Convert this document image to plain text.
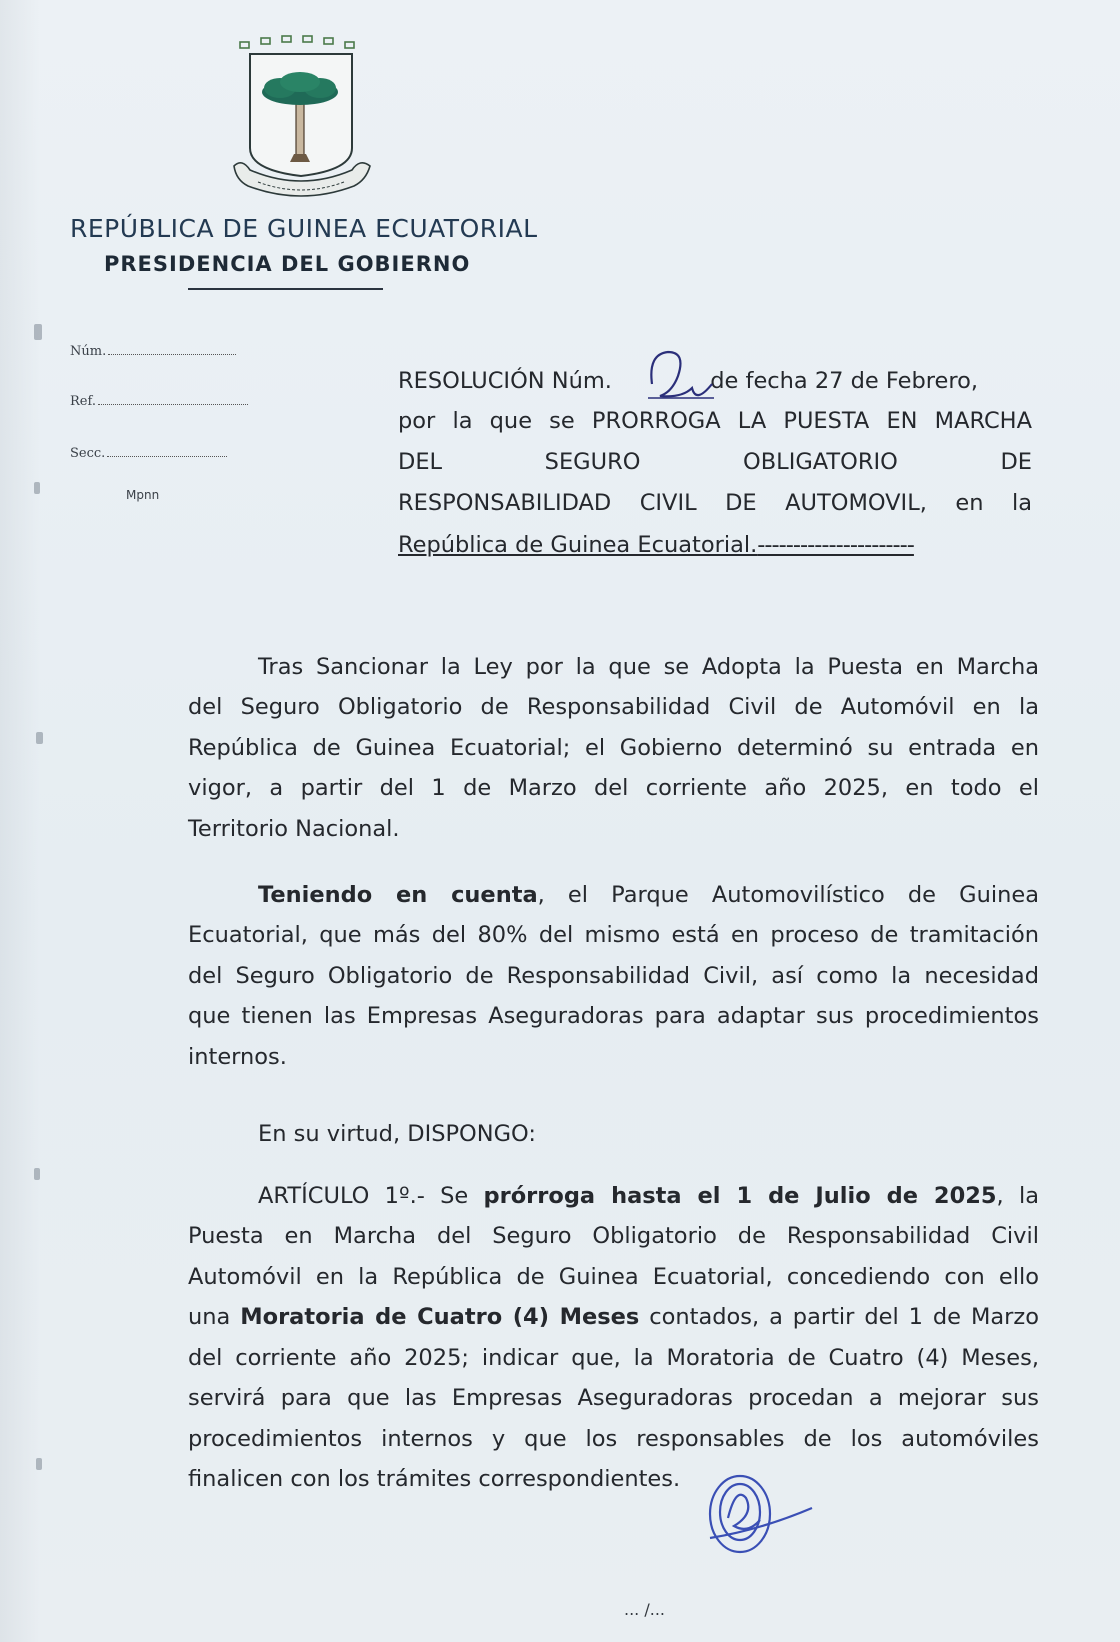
REPÚBLICA DE GUINEA ECUATORIAL
PRESIDENCIA DEL GOBIERNO
Núm.
Ref.
Secc.
Mpnn
RESOLUCIÓN Núm.	de fecha 27 de Febrero,
por la que se PRORROGA LA PUESTA EN MARCHA
DEL SEGURO OBLIGATORIO DE
RESPONSABILIDAD CIVIL DE AUTOMOVIL, en la
República de Guinea Ecuatorial.----------------------
Tras Sancionar la Ley por la que se Adopta la Puesta en Marcha
del Seguro Obligatorio de Responsabilidad Civil de Automóvil en la
República de Guinea Ecuatorial; el Gobierno determinó su entrada en
vigor, a partir del 1 de Marzo del corriente año 2025, en todo el
Territorio Nacional.
Teniendo en cuenta, el Parque Automovilístico de Guinea
Ecuatorial, que más del 80% del mismo está en proceso de tramitación
del Seguro Obligatorio de Responsabilidad Civil, así como la necesidad
que tienen las Empresas Aseguradoras para adaptar sus procedimientos
internos.
En su virtud, DISPONGO:
ARTÍCULO 1º.- Se prórroga hasta el 1 de Julio de 2025, la
Puesta en Marcha del Seguro Obligatorio de Responsabilidad Civil
Automóvil en la República de Guinea Ecuatorial, concediendo con ello
una Moratoria de Cuatro (4) Meses contados, a partir del 1 de Marzo
del corriente año 2025; indicar que, la Moratoria de Cuatro (4) Meses,
servirá para que las Empresas Aseguradoras procedan a mejorar sus
procedimientos internos y que los responsables de los automóviles
finalicen con los trámites correspondientes.
... /...
